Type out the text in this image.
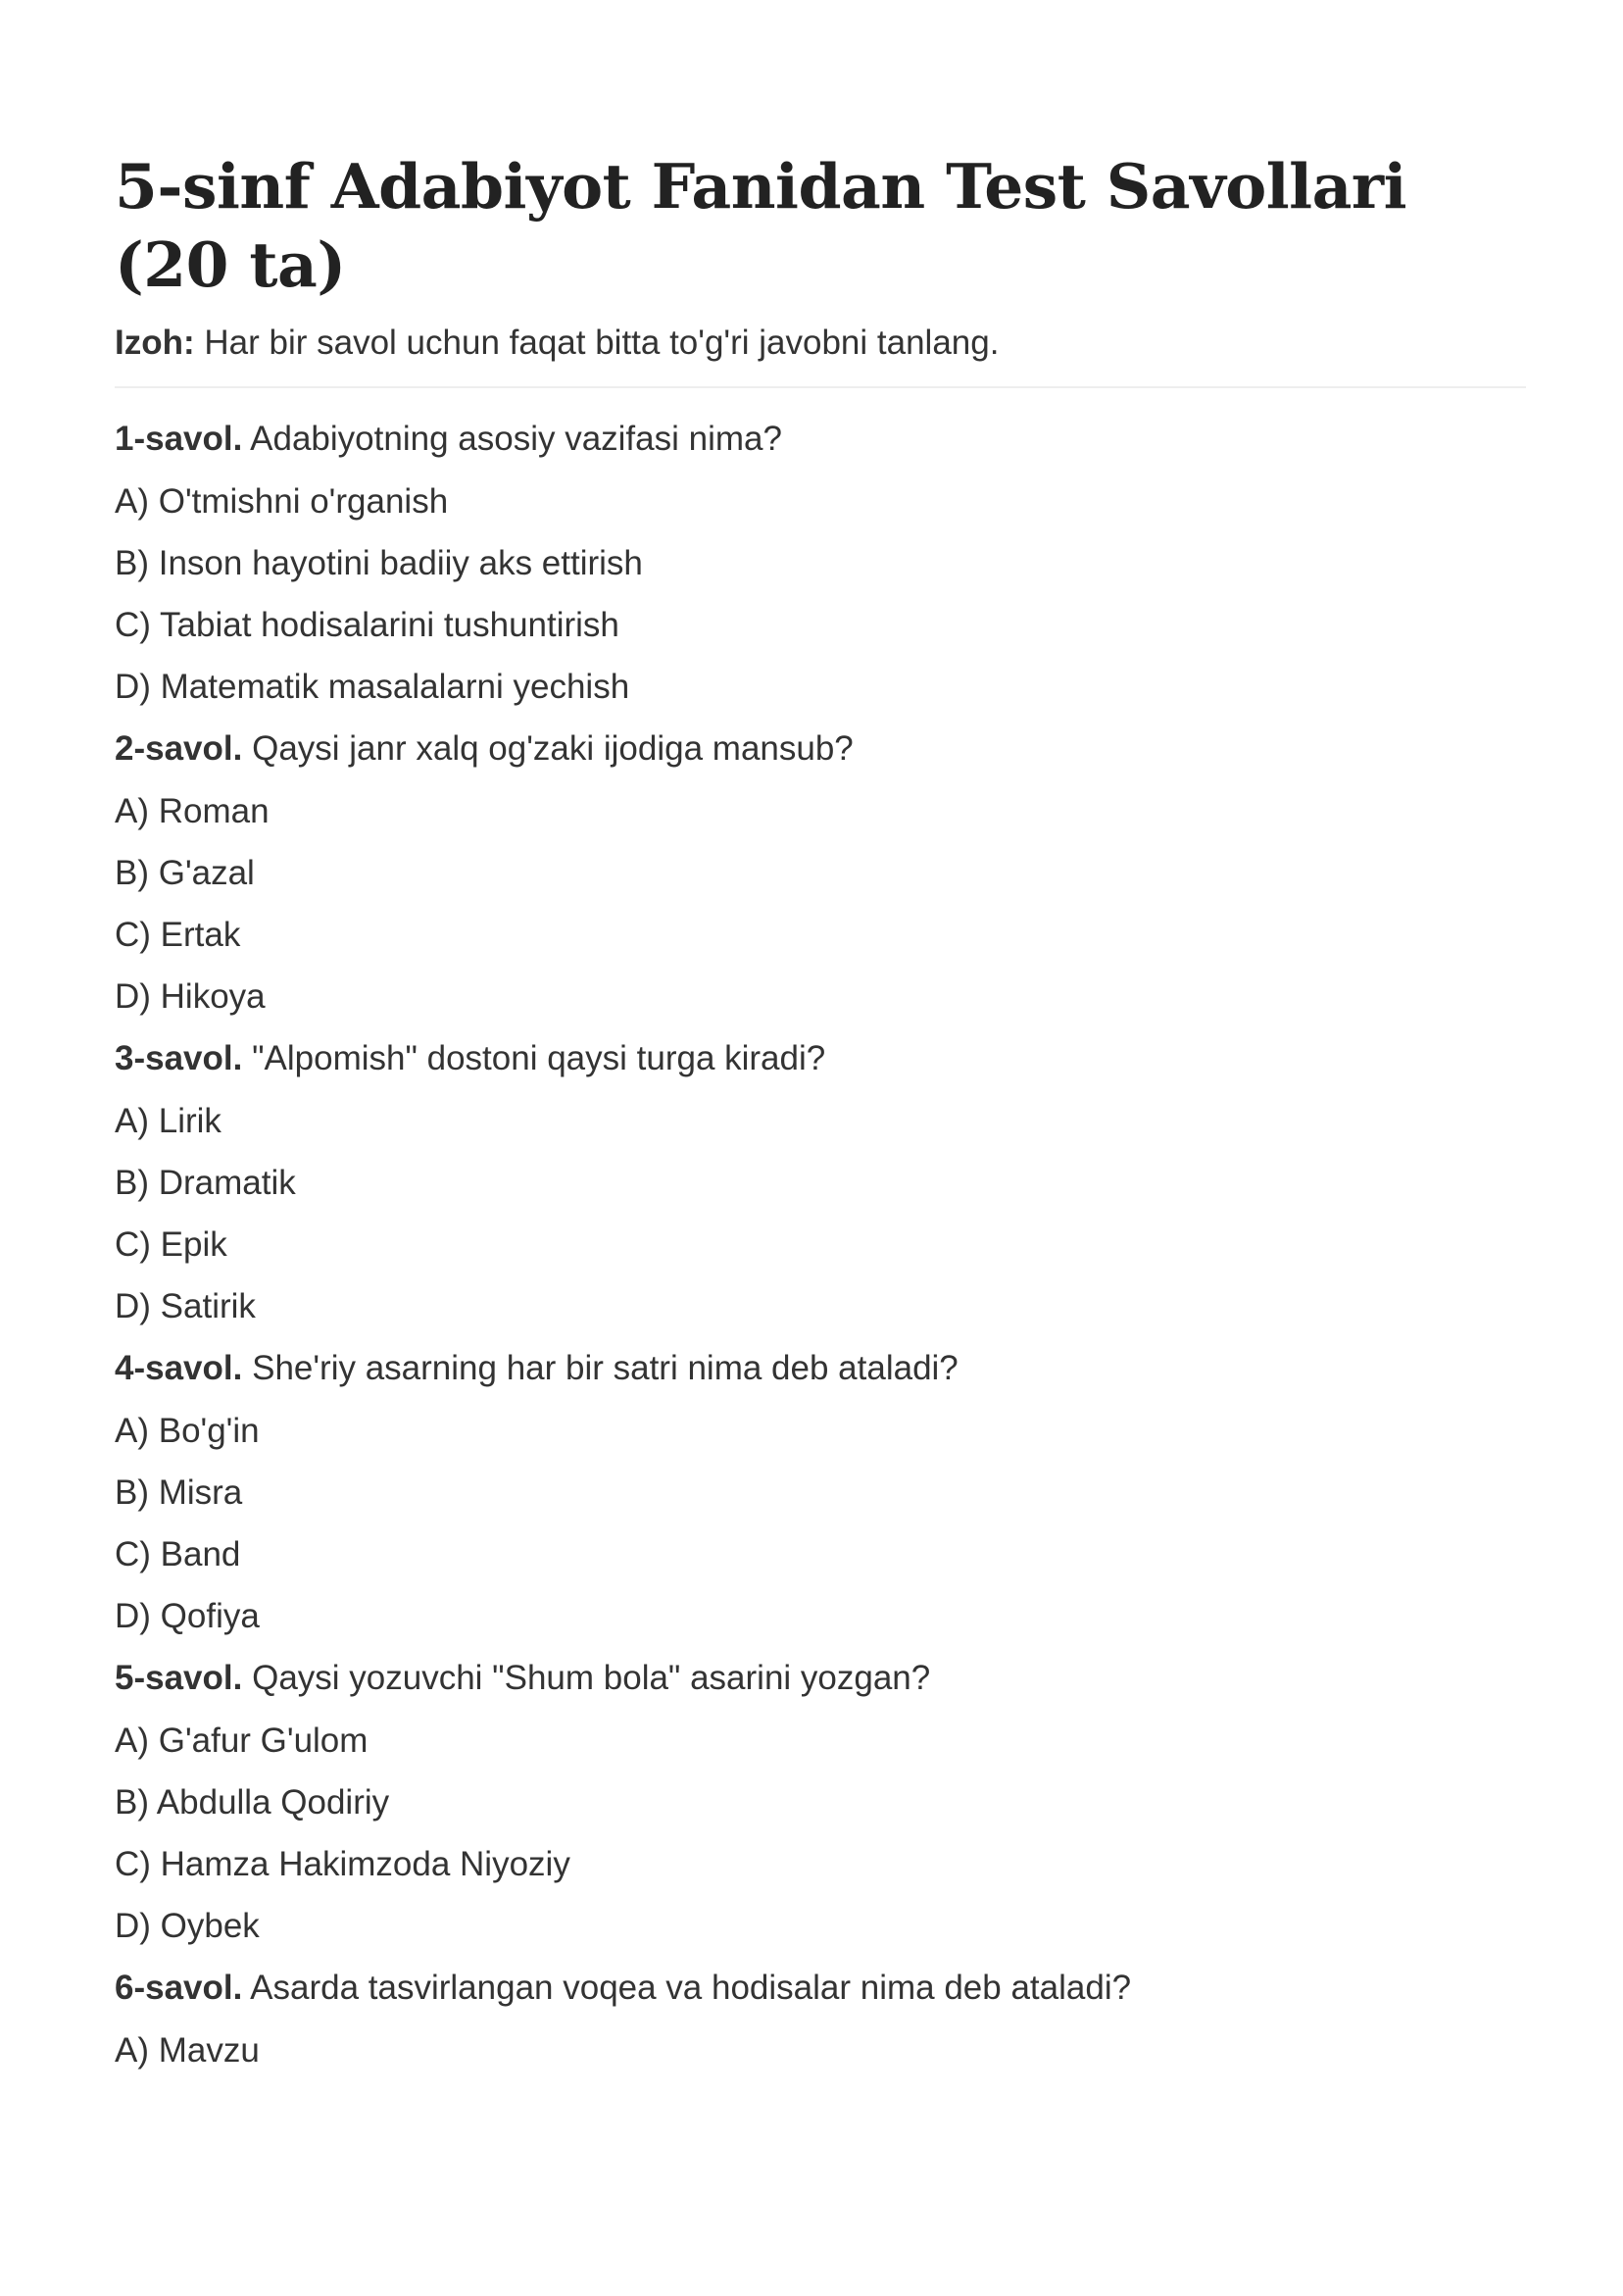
5-sinf Adabiyot Fanidan Test Savollari (20 ta)

Izoh: Har bir savol uchun faqat bitta to'g'ri javobni tanlang.

1-savol. Adabiyotning asosiy vazifasi nima?
A) O'tmishni o'rganish
B) Inson hayotini badiiy aks ettirish
C) Tabiat hodisalarini tushuntirish
D) Matematik masalalarni yechish
2-savol. Qaysi janr xalq og'zaki ijodiga mansub?
A) Roman
B) G'azal
C) Ertak
D) Hikoya
3-savol. "Alpomish" dostoni qaysi turga kiradi?
A) Lirik
B) Dramatik
C) Epik
D) Satirik
4-savol. She'riy asarning har bir satri nima deb ataladi?
A) Bo'g'in
B) Misra
C) Band
D) Qofiya
5-savol. Qaysi yozuvchi "Shum bola" asarini yozgan?
A) G'afur G'ulom
B) Abdulla Qodiriy
C) Hamza Hakimzoda Niyoziy
D) Oybek
6-savol. Asarda tasvirlangan voqea va hodisalar nima deb ataladi?
A) Mavzu
